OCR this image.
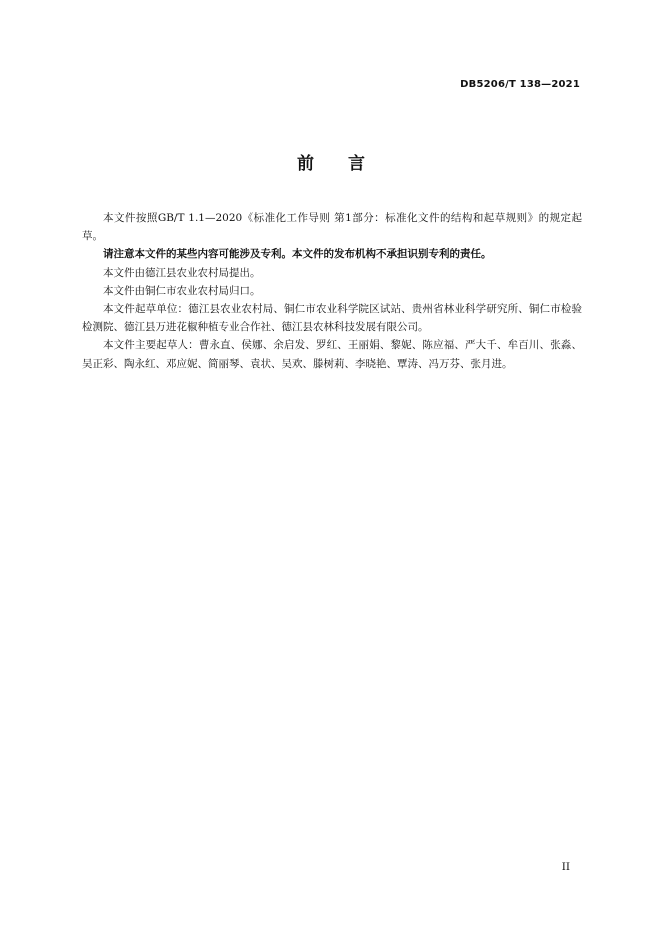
DB5206/T 138—2021
前言

本文件按照GB/T 1.1—2020《标准化工作导则 第1部分：标准化文件的结构和起草规则》的规定起草。

请注意本文件的某些内容可能涉及专利。本文件的发布机构不承担识别专利的责任。

本文件由德江县农业农村局提出。

本文件由铜仁市农业农村局归口。

本文件起草单位：德江县农业农村局、铜仁市农业科学院区试站、贵州省林业科学研究所、铜仁市检验检测院、德江县万进花椒种植专业合作社、德江县农林科技发展有限公司。

本文件主要起草人：曹永直、侯娜、余启发、罗红、王丽娟、黎妮、陈应福、严大千、牟百川、张淼、吴正彩、陶永红、邓应妮、简丽琴、袁状、吴欢、滕树莉、李晓艳、覃涛、冯万芬、张月进。

II
